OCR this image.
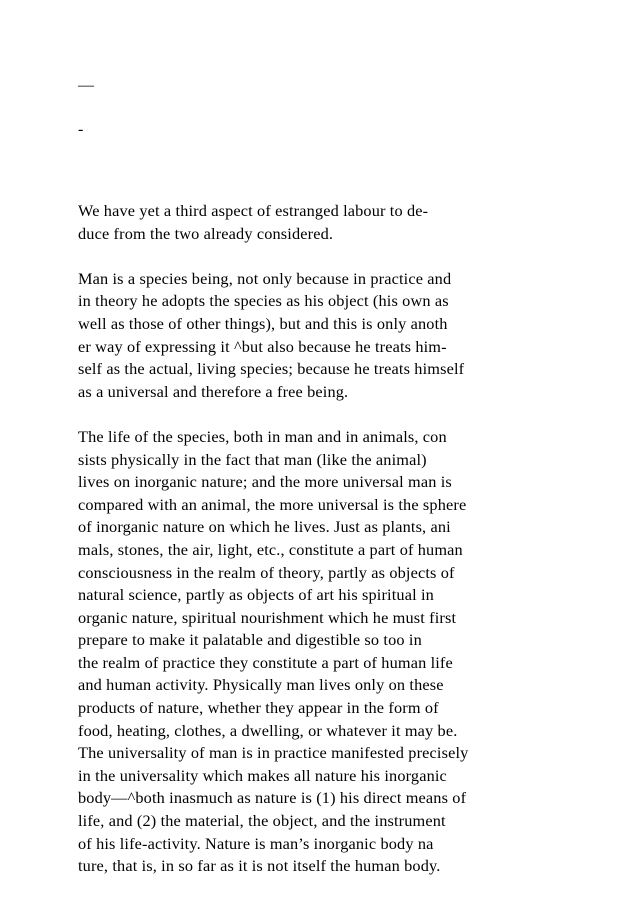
—
-

We have yet a third aspect of estranged labour to de-
duce from the two already considered.

Man is a species being, not only because in practice and
in theory he adopts the species as his object (his own as
well as those of other things), but and this is only anoth
er way of expressing it ^but also because he treats him-
self as the actual, living species; because he treats himself
as a universal and therefore a free being.

The life of the species, both in man and in animals, con
sists physically in the fact that man (like the animal)
lives on inorganic nature; and the more universal man is
compared with an animal, the more universal is the sphere
of inorganic nature on which he lives. Just as plants, ani
mals, stones, the air, light, etc., constitute a part of human
consciousness in the realm of theory, partly as objects of
natural science, partly as objects of art his spiritual in
organic nature, spiritual nourishment which he must first
prepare to make it palatable and digestible so too in
the realm of practice they constitute a part of human life
and human activity. Physically man lives only on these
products of nature, whether they appear in the form of
food, heating, clothes, a dwelling, or whatever it may be.
The universality of man is in practice manifested precisely
in the universality which makes all nature his inorganic
body—^both inasmuch as nature is (1) his direct means of
life, and (2) the material, the object, and the instrument
of his life-activity. Nature is man’s inorganic body na
ture, that is, in so far as it is not itself the human body.
